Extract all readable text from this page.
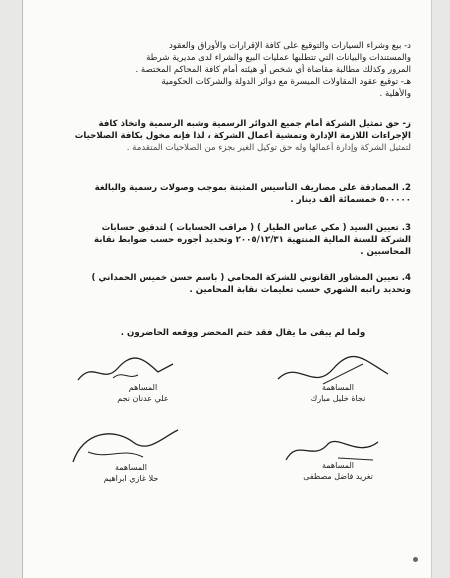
د- بيع وشراء السيارات والتوقيع على كافة الإقرارات والأوراق والعقود
والمستندات والبيانات التي تتطلبها عمليات البيع والشراء لدى مديرية شرطة
المرور وكذلك مطالبة مقاضاة أي شخص أو هيئته أمام كافة المحاكم المختصة .
هـ- توقيع عقود المقاولات الميسرة مع دوائر الدولة والشركات الحكومية
والأهلية .
ز- حق تمثيل الشركة أمام جميع الدوائر الرسمية وشبه الرسمية واتخاذ كافة
الإجراءات اللازمة الإدارة وتمشية أعمال الشركة ، لذا فإنه مخول بكافة الصلاحيات
لتمثيل الشركة وإدارة أعمالها وله حق توكيل الغير بجزء من الصلاحيات المتقدمة .
2. المصادقة على مصاريف التأسيس المثبتة بموجب وصولات رسمية والبالغة
٥٠٠٠٠٠ خمسمائة ألف دينار .
3. تعيين السيد ( مكي عباس الطيار ) ( مراقب الحسابات ) لتدقيق حسابات
الشركة للسنة المالية المنتهية ٢٠٠٥/١٢/٣١ وتحديد أجوره حسب ضوابط نقابة
المحاسبين .
4. تعيين المشاور القانوني للشركة المحامي ( باسم حسن خميس الحمداني )
وتحديد راتبه الشهري حسب تعليمات نقابة المحامين .
ولما لم يبقى ما يقال فقد ختم المحضر ووقعه الحاضرون .
المساهم
علي عدنان نجم
المساهمة
نجاة خليل مبارك
المساهمة
حلا غازي ابراهيم
المساهمة
تغريد فاضل مصطفى
